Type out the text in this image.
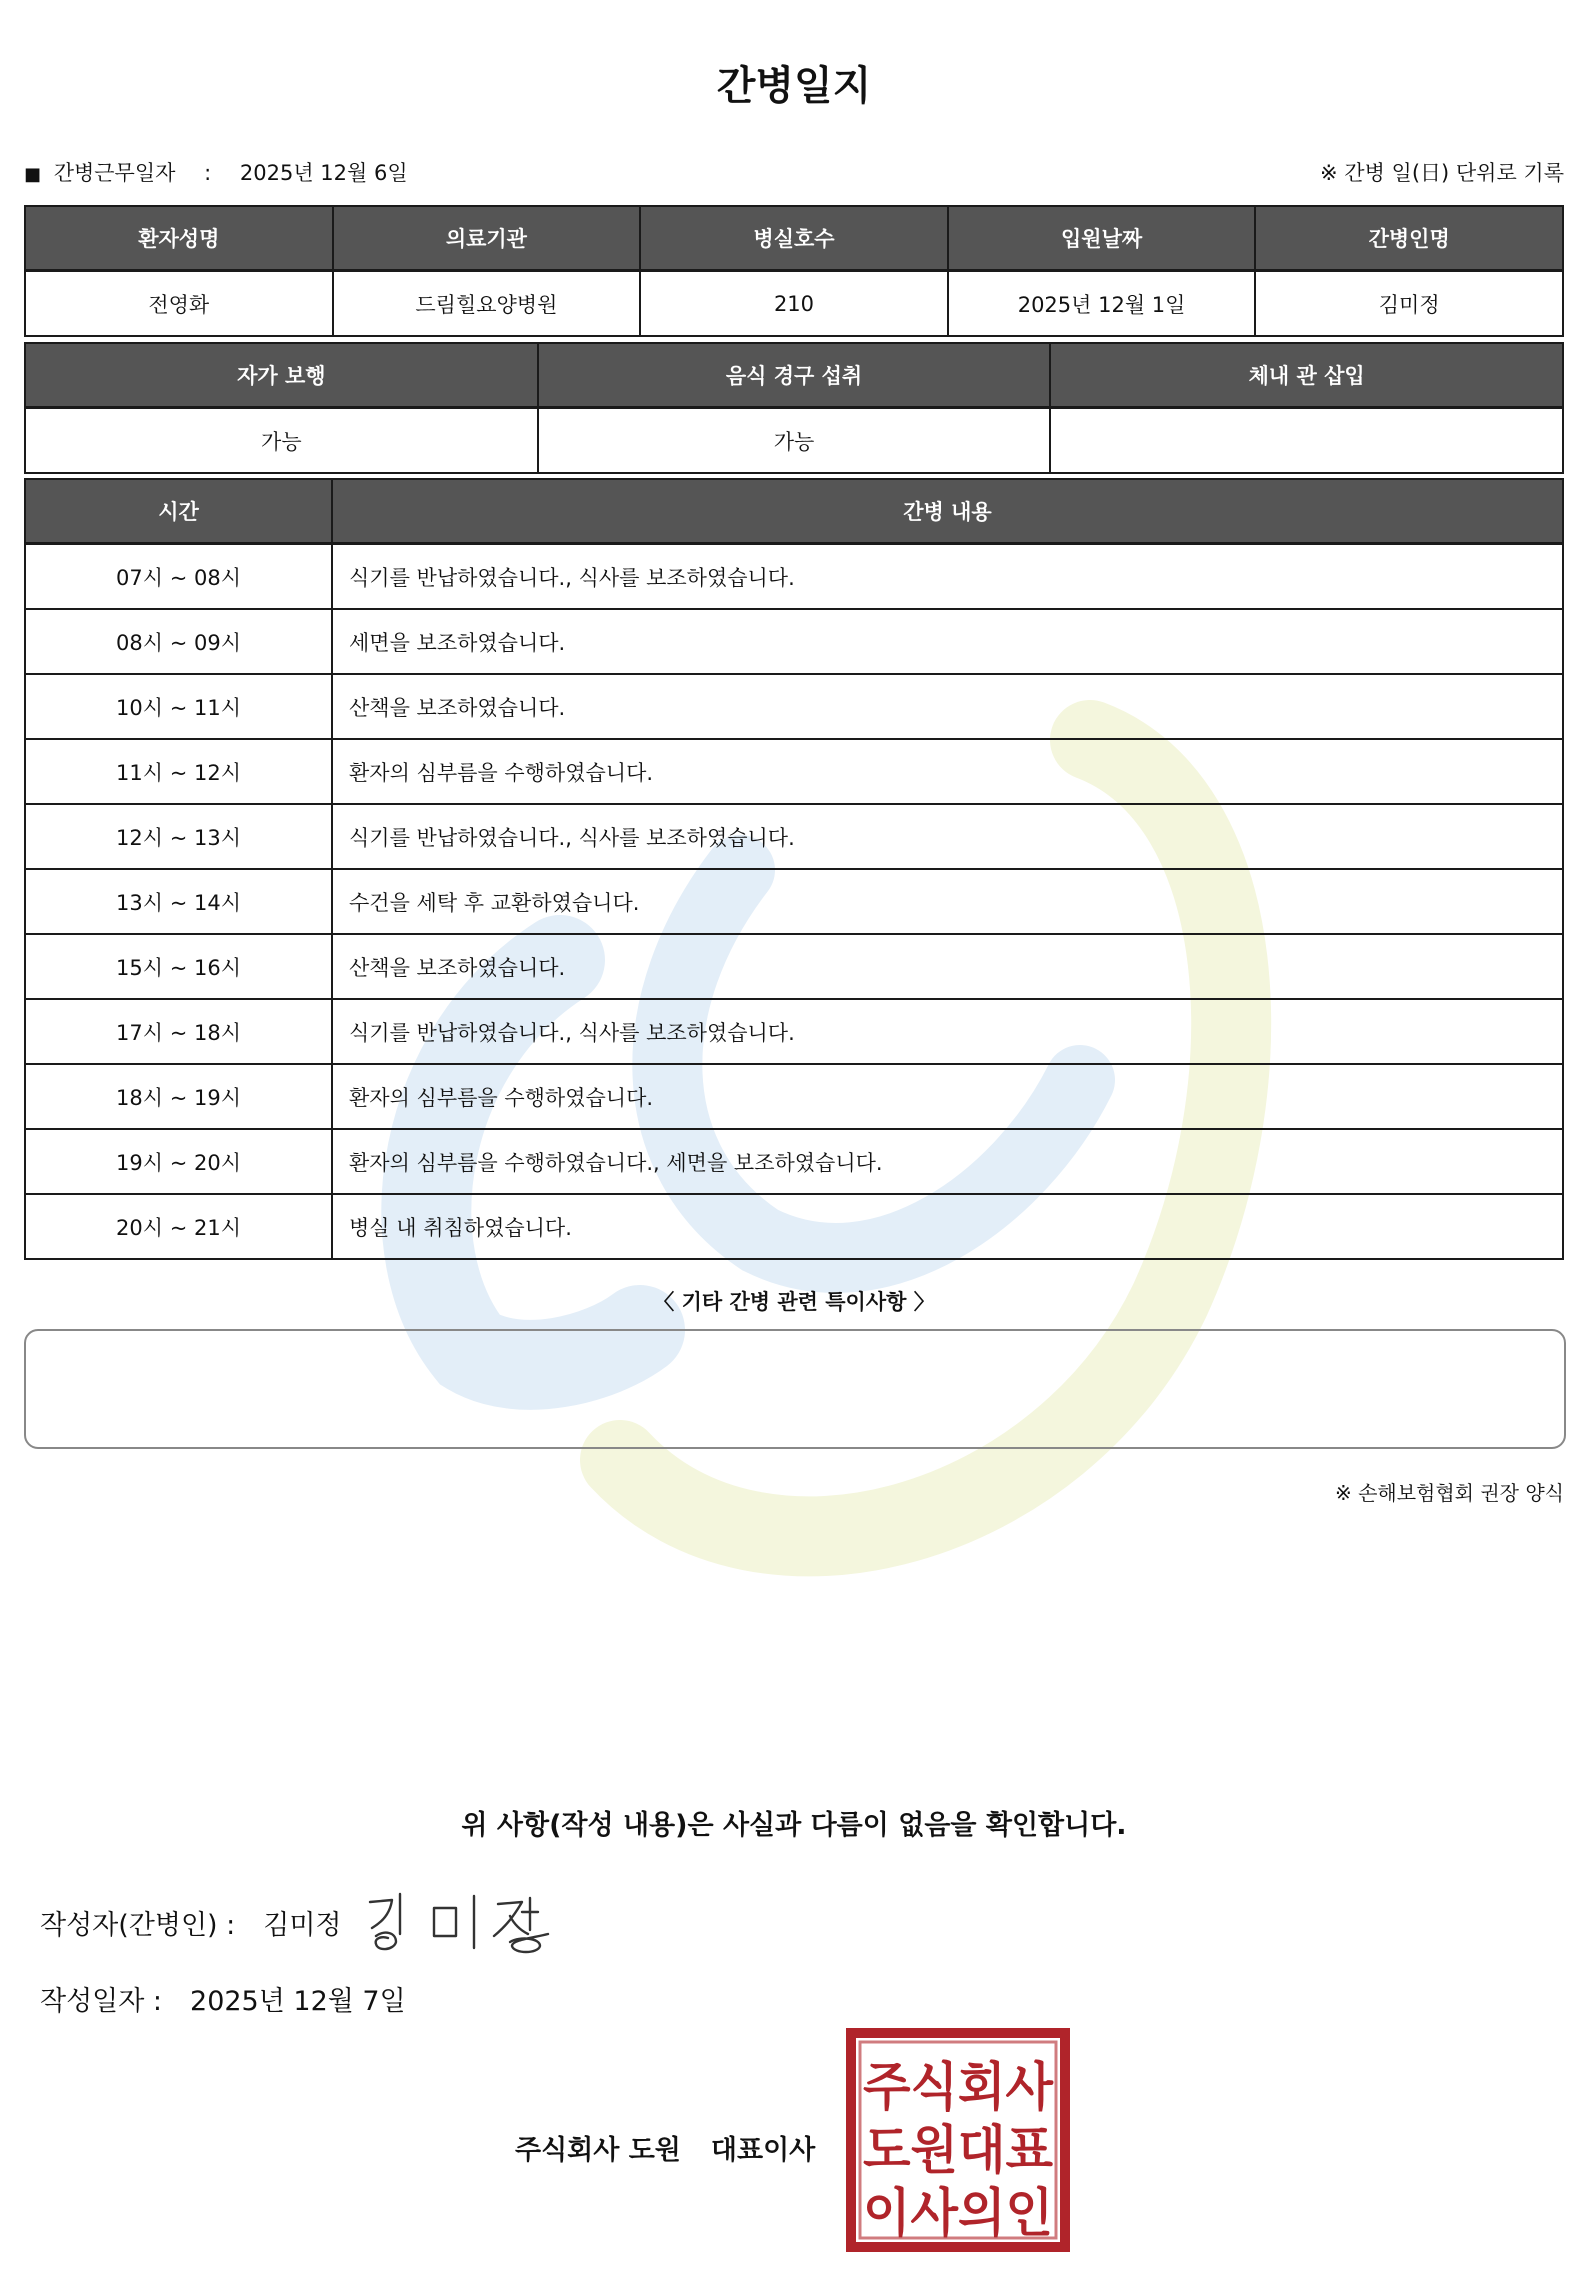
간병일지
■ 간병근무일자 : 2025년 12월 6일	※ 간병 일(日) 단위로 기록
환자성명	의료기관	병실호수	입원날짜	간병인명
전영화	드림힐요양병원	210	2025년 12월 1일	김미정
자가 보행	음식 경구 섭취	체내 관 삽입
가능	가능	
시간	간병 내용
07시 ~ 08시	식기를 반납하였습니다., 식사를 보조하였습니다.
08시 ~ 09시	세면을 보조하였습니다.
10시 ~ 11시	산책을 보조하였습니다.
11시 ~ 12시	환자의 심부름을 수행하였습니다.
12시 ~ 13시	식기를 반납하였습니다., 식사를 보조하였습니다.
13시 ~ 14시	수건을 세탁 후 교환하였습니다.
15시 ~ 16시	산책을 보조하였습니다.
17시 ~ 18시	식기를 반납하였습니다., 식사를 보조하였습니다.
18시 ~ 19시	환자의 심부름을 수행하였습니다.
19시 ~ 20시	환자의 심부름을 수행하였습니다., 세면을 보조하였습니다.
20시 ~ 21시	병실 내 취침하였습니다.
〈 기타 간병 관련 특이사항 〉
※ 손해보험협회 권장 양식
위 사항(작성 내용)은 사실과 다름이 없음을 확인합니다.
작성자(간병인) : 김미정
작성일자 : 2025년 12월 7일
주식회사 도원 대표이사
주식회사
도원대표
이사의인
